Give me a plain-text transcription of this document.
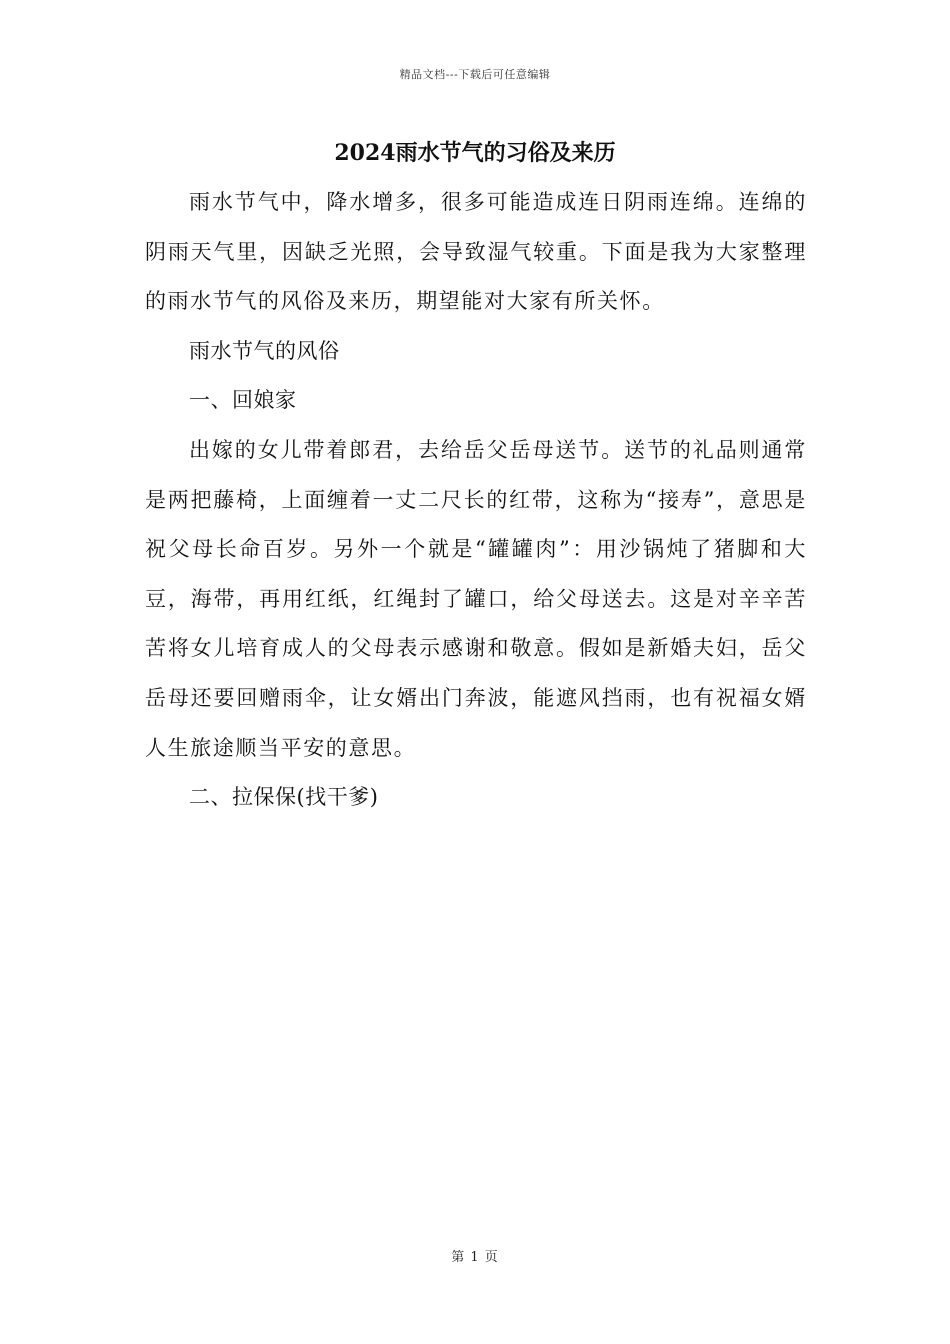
精品文档---下载后可任意编辑
2024雨水节气的习俗及来历

雨水节气中，降水增多，很多可能造成连日阴雨连绵。连绵的阴雨天气里，因缺乏光照，会导致湿气较重。下面是我为大家整理的雨水节气的风俗及来历，期望能对大家有所关怀。

雨水节气的风俗

一、回娘家

出嫁的女儿带着郎君，去给岳父岳母送节。送节的礼品则通常是两把藤椅，上面缠着一丈二尺长的红带，这称为“接寿”，意思是祝父母长命百岁。另外一个就是“罐罐肉”：用沙锅炖了猪脚和大豆，海带，再用红纸，红绳封了罐口，给父母送去。这是对辛辛苦苦将女儿培育成人的父母表示感谢和敬意。假如是新婚夫妇，岳父岳母还要回赠雨伞，让女婿出门奔波，能遮风挡雨，也有祝福女婿人生旅途顺当平安的意思。

二、拉保保(找干爹)

第 1 页
